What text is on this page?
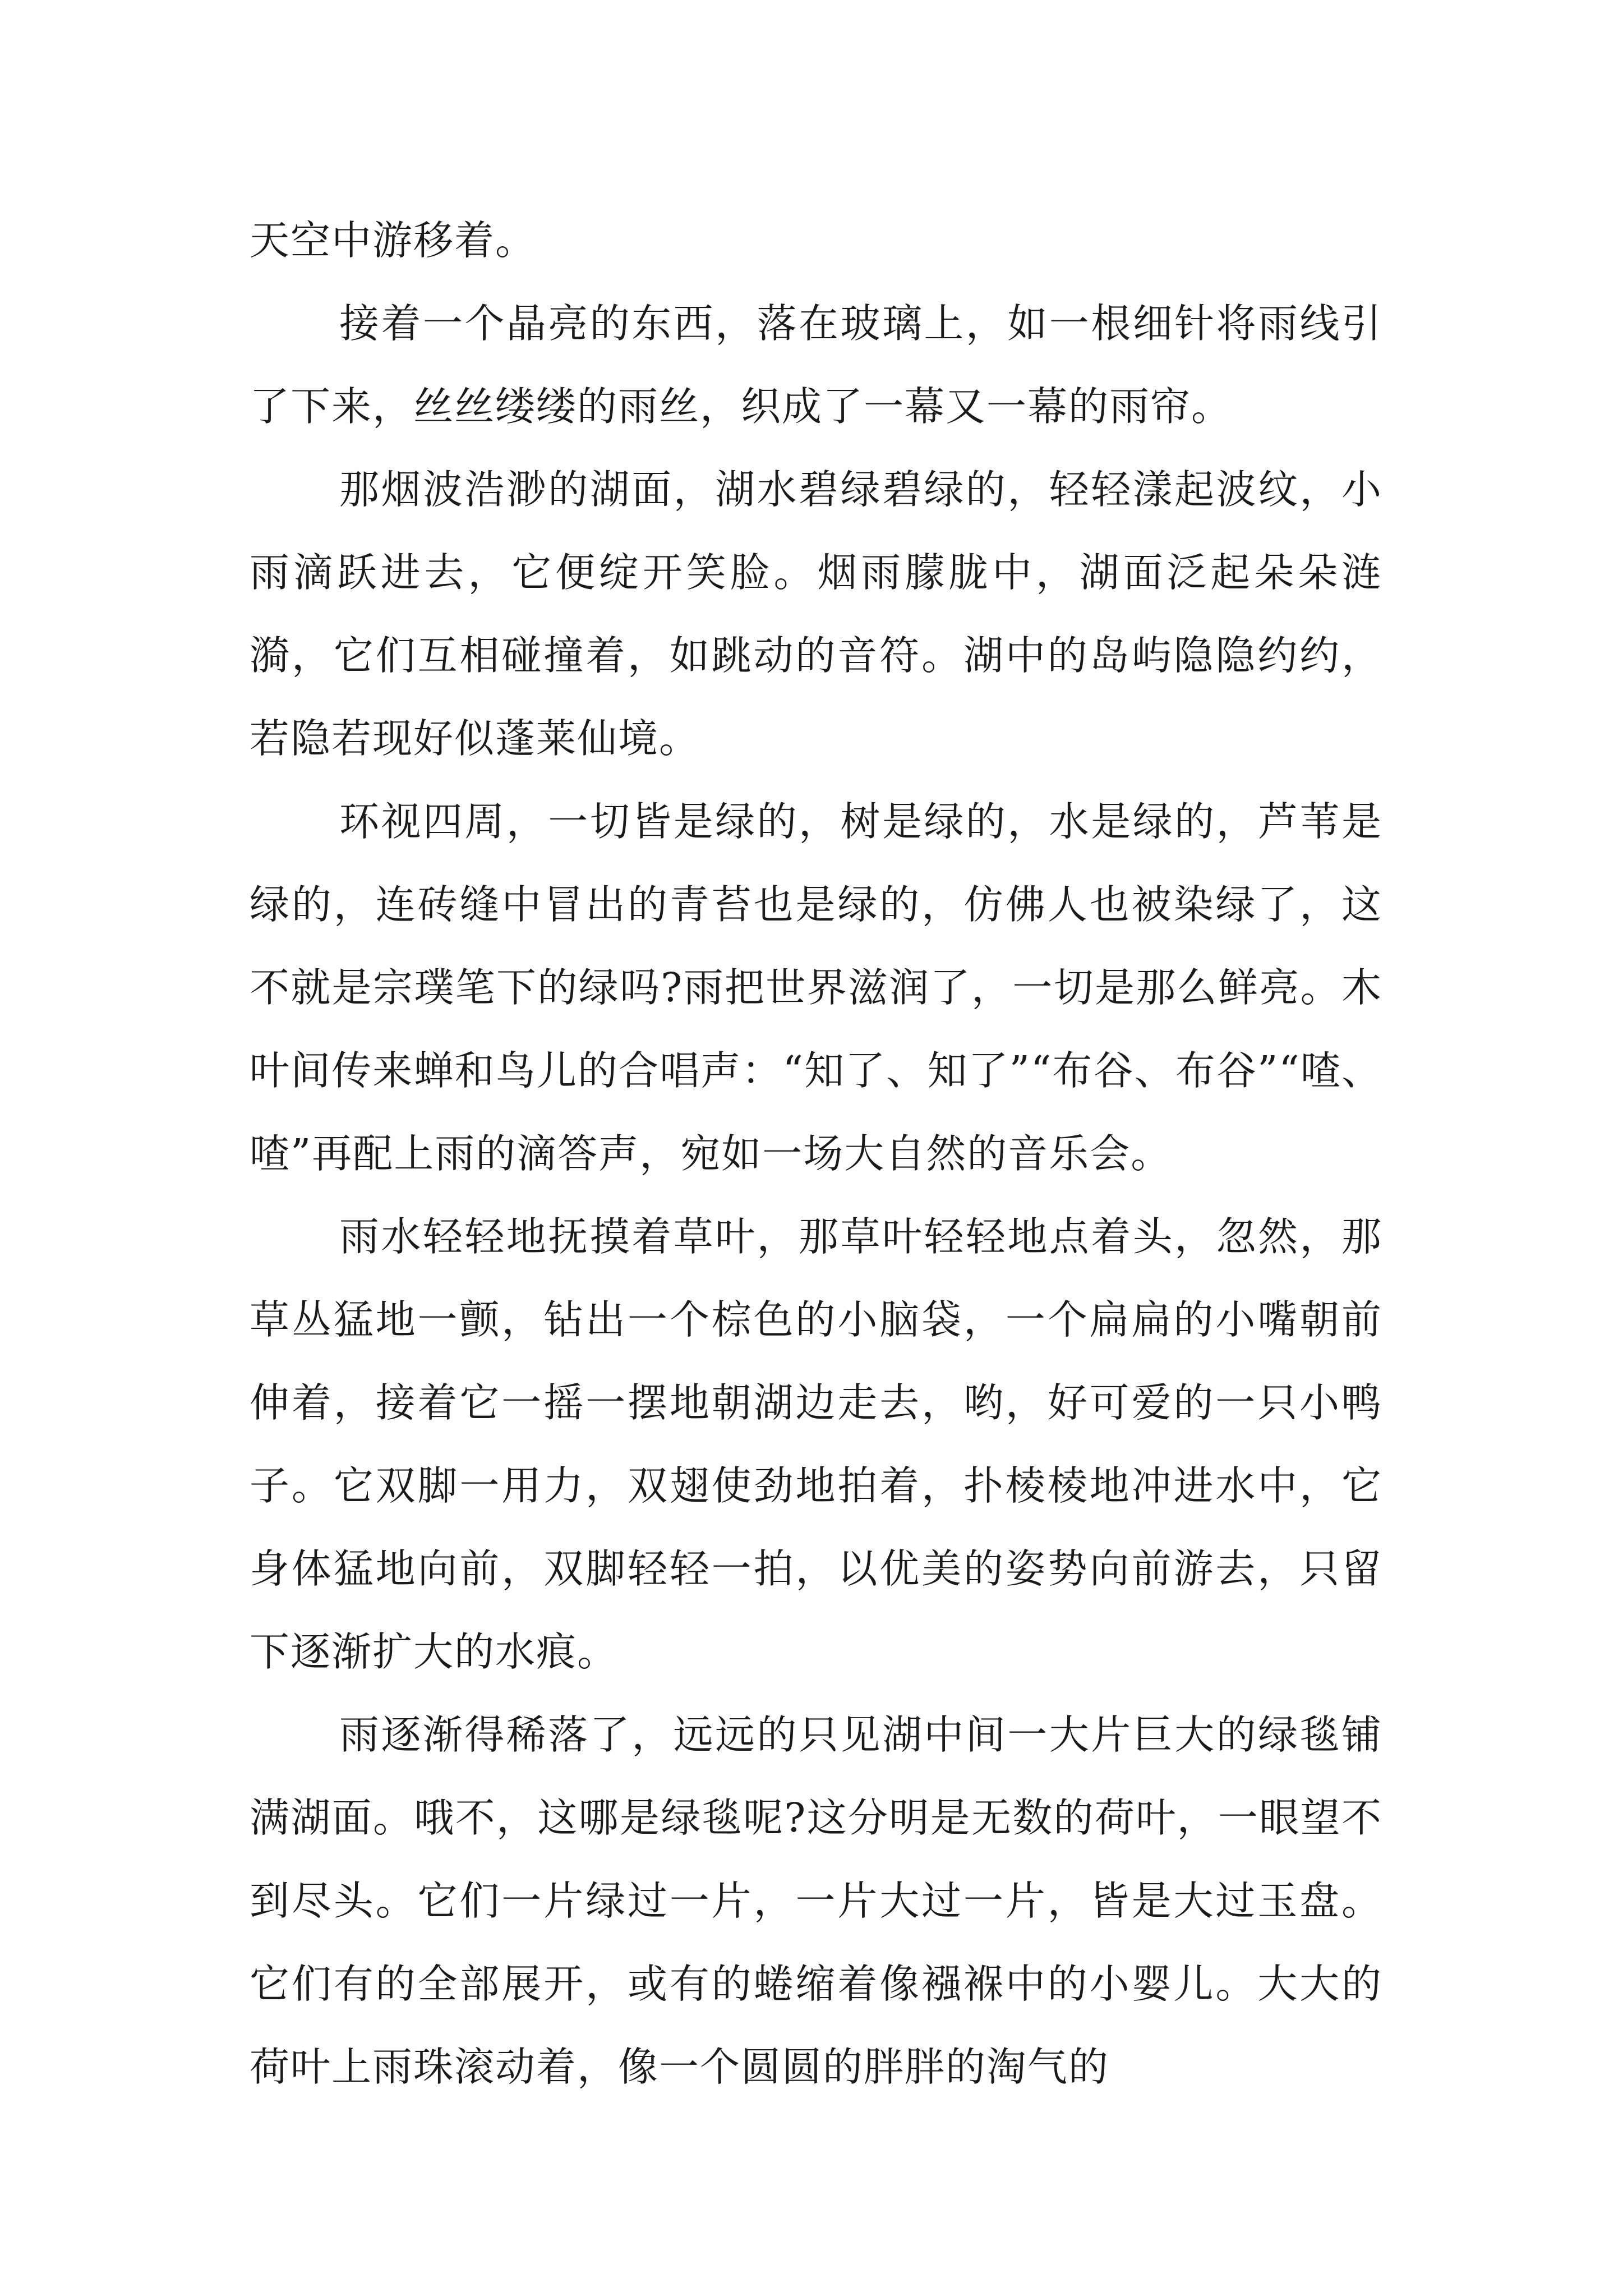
天空中游移着。

接着一个晶亮的东西，落在玻璃上，如一根细针将雨线引了下来，丝丝缕缕的雨丝，织成了一幕又一幕的雨帘。

那烟波浩渺的湖面，湖水碧绿碧绿的，轻轻漾起波纹，小雨滴跃进去，它便绽开笑脸。烟雨朦胧中，湖面泛起朵朵涟漪，它们互相碰撞着，如跳动的音符。湖中的岛屿隐隐约约，若隐若现好似蓬莱仙境。

环视四周，一切皆是绿的，树是绿的，水是绿的，芦苇是绿的，连砖缝中冒出的青苔也是绿的，仿佛人也被染绿了，这不就是宗璞笔下的绿吗?雨把世界滋润了，一切是那么鲜亮。木叶间传来蝉和鸟儿的合唱声：“知了、知了”“布谷、布谷”“喳、喳”再配上雨的滴答声，宛如一场大自然的音乐会。

雨水轻轻地抚摸着草叶，那草叶轻轻地点着头，忽然，那草丛猛地一颤，钻出一个棕色的小脑袋，一个扁扁的小嘴朝前伸着，接着它一摇一摆地朝湖边走去，哟，好可爱的一只小鸭子。它双脚一用力，双翅使劲地拍着，扑棱棱地冲进水中，它身体猛地向前，双脚轻轻一拍，以优美的姿势向前游去，只留下逐渐扩大的水痕。

雨逐渐得稀落了，远远的只见湖中间一大片巨大的绿毯铺满湖面。哦不，这哪是绿毯呢?这分明是无数的荷叶，一眼望不到尽头。它们一片绿过一片，一片大过一片，皆是大过玉盘。它们有的全部展开，或有的蜷缩着像襁褓中的小婴儿。大大的荷叶上雨珠滚动着，像一个圆圆的胖胖的淘气的
